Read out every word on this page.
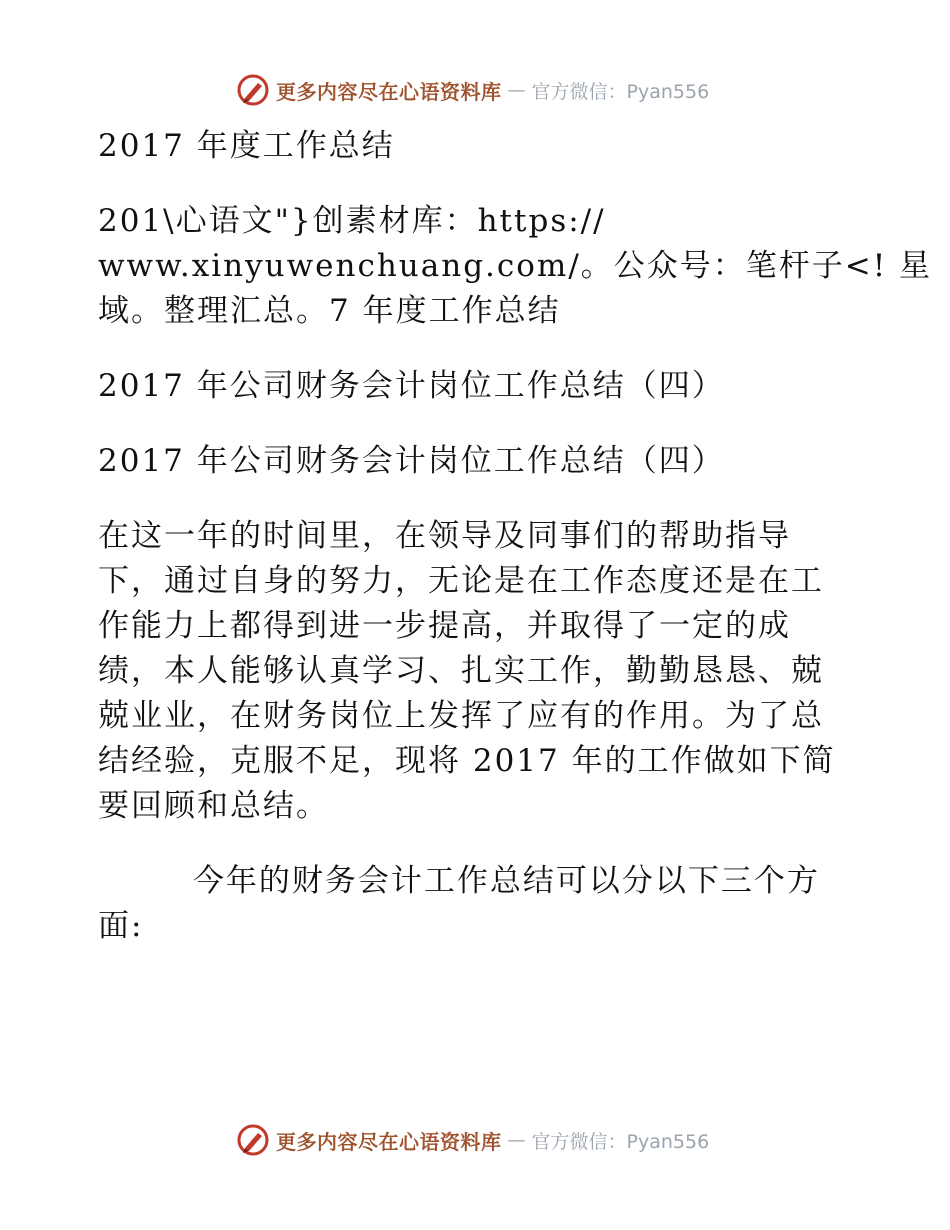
更多内容尽在心语资料库 — 官方微信：Pyan556

2017 年度工作总结

201\心语文"}创素材库：https://

www.xinyuwenchuang.com/。公众号：笔杆子<! 星

域。整理汇总。7 年度工作总结

2017 年公司财务会计岗位工作总结（四）

2017 年公司财务会计岗位工作总结（四）

在这一年的时间里，在领导及同事们的帮助指导

下，通过自身的努力，无论是在工作态度还是在工

作能力上都得到进一步提高，并取得了一定的成

绩，本人能够认真学习、扎实工作，勤勤恳恳、兢

兢业业，在财务岗位上发挥了应有的作用。为了总

结经验，克服不足，现将 2017 年的工作做如下简

要回顾和总结。

今年的财务会计工作总结可以分以下三个方

面:

更多内容尽在心语资料库 — 官方微信：Pyan556
